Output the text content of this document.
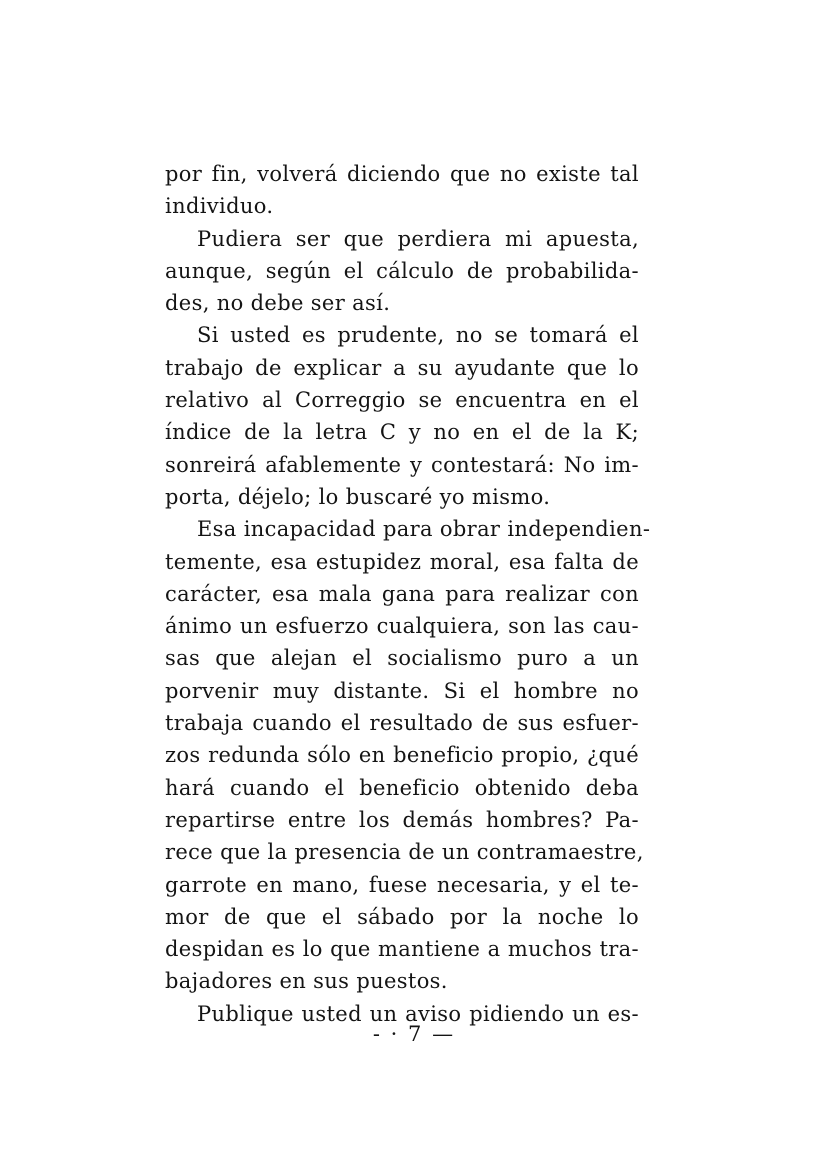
por fin, volverá diciendo que no existe tal
individuo.
Pudiera ser que perdiera mi apuesta,
aunque, según el cálculo de probabilida-
des, no debe ser así.
Si usted es prudente, no se tomará el
trabajo de explicar a su ayudante que lo
relativo al Correggio se encuentra en el
índice de la letra C y no en el de la K;
sonreirá afablemente y contestará: No im-
porta, déjelo; lo buscaré yo mismo.
Esa incapacidad para obrar independien-
temente, esa estupidez moral, esa falta de
carácter, esa mala gana para realizar con
ánimo un esfuerzo cualquiera, son las cau-
sas que alejan el socialismo puro a un
porvenir muy distante. Si el hombre no
trabaja cuando el resultado de sus esfuer-
zos redunda sólo en beneficio propio, ¿qué
hará cuando el beneficio obtenido deba
repartirse entre los demás hombres? Pa-
rece que la presencia de un contramaestre,
garrote en mano, fuese necesaria, y el te-
mor de que el sábado por la noche lo
despidan es lo que mantiene a muchos tra-
bajadores en sus puestos.
Publique usted un aviso pidiendo un es-
- · 7 —
